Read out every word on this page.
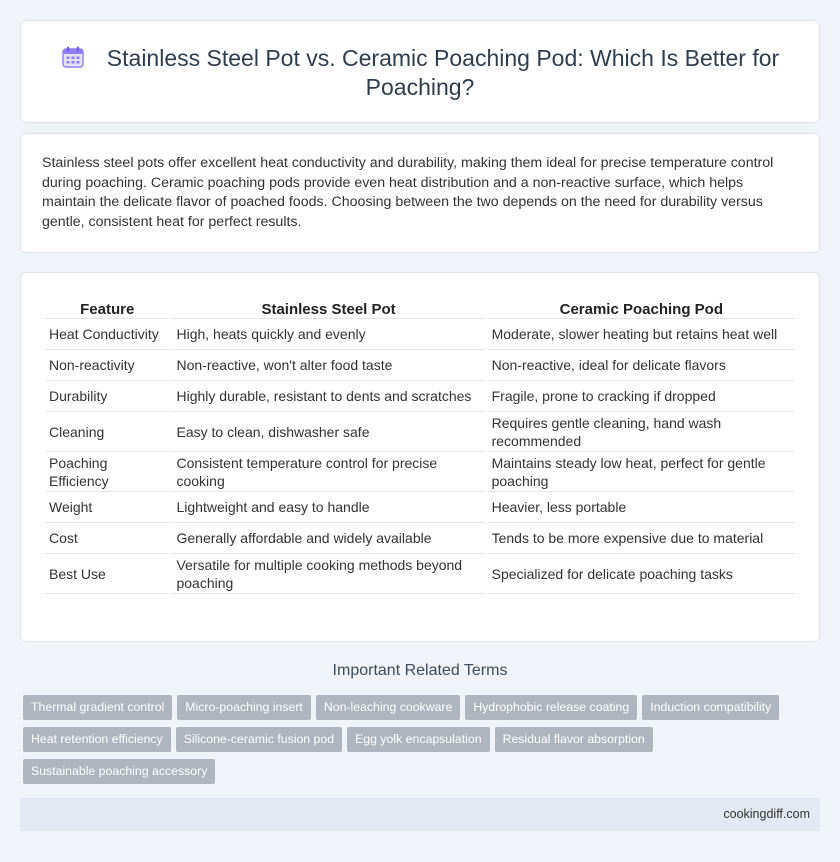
Stainless Steel Pot vs. Ceramic Poaching Pod: Which Is Better for Poaching?

Stainless steel pots offer excellent heat conductivity and durability, making them ideal for precise temperature control during poaching. Ceramic poaching pods provide even heat distribution and a non-reactive surface, which helps maintain the delicate flavor of poached foods. Choosing between the two depends on the need for durability versus gentle, consistent heat for perfect results.

Feature	Stainless Steel Pot	Ceramic Poaching Pod
Heat Conductivity	High, heats quickly and evenly	Moderate, slower heating but retains heat well
Non-reactivity	Non-reactive, won't alter food taste	Non-reactive, ideal for delicate flavors
Durability	Highly durable, resistant to dents and scratches	Fragile, prone to cracking if dropped
Cleaning	Easy to clean, dishwasher safe	Requires gentle cleaning, hand wash recommended
Poaching Efficiency	Consistent temperature control for precise cooking	Maintains steady low heat, perfect for gentle poaching
Weight	Lightweight and easy to handle	Heavier, less portable
Cost	Generally affordable and widely available	Tends to be more expensive due to material
Best Use	Versatile for multiple cooking methods beyond poaching	Specialized for delicate poaching tasks
Important Related Terms
Thermal gradient control Micro-poaching insert Non-leaching cookware Hydrophobic release coating Induction compatibility
Heat retention efficiency Silicone-ceramic fusion pod Egg yolk encapsulation Residual flavor absorption
Sustainable poaching accessory
cookingdiff.com
